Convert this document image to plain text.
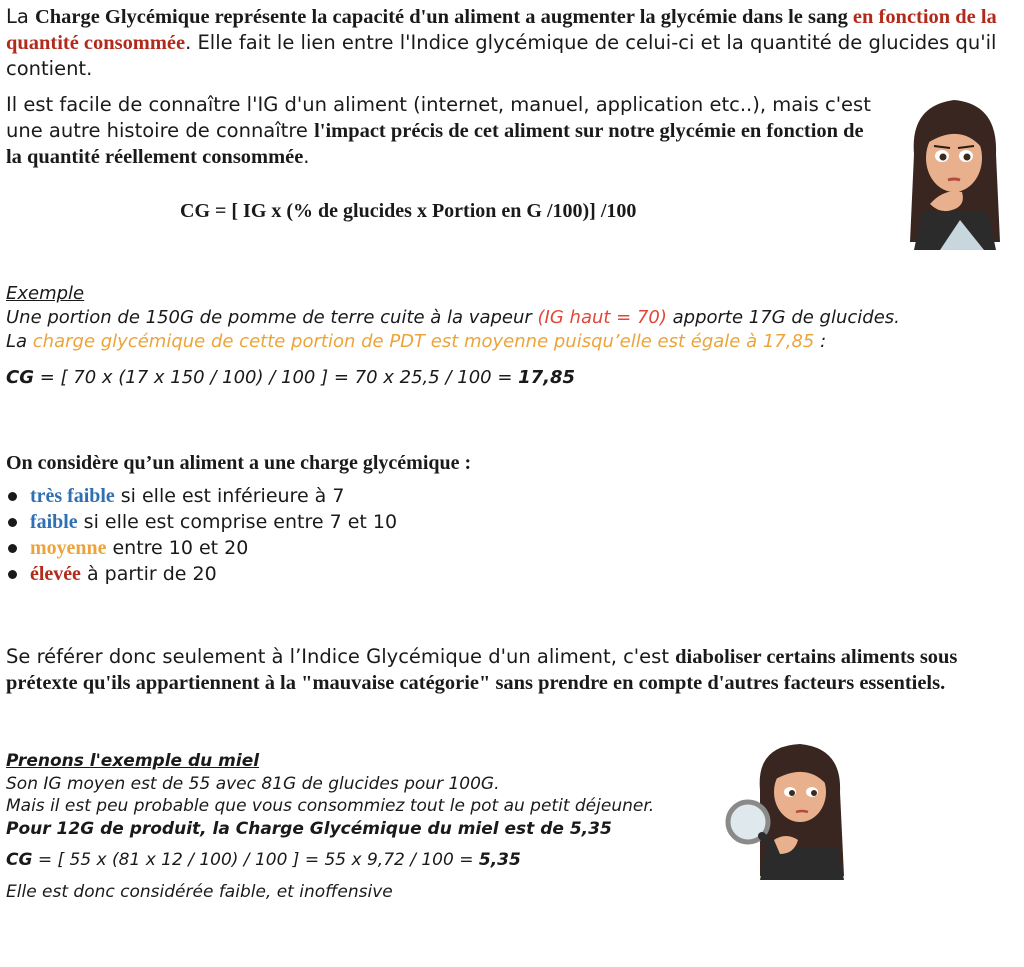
La Charge Glycémique représente la capacité d'un aliment a augmenter la glycémie dans le sang en fonction de la quantité consommée. Elle fait le lien entre l'Indice glycémique de celui-ci et la quantité de glucides qu'il contient.

Il est facile de connaître l'IG d'un aliment (internet, manuel, application etc..), mais c'est une autre histoire de connaître l'impact précis de cet aliment sur notre glycémie en fonction de la quantité réellement consommée.

CG = [ IG x (% de glucides x Portion en G /100)] /100

Exemple

Une portion de 150G de pomme de terre cuite à la vapeur (IG haut = 70) apporte 17G de glucides.

La charge glycémique de cette portion de PDT est moyenne puisqu’elle est égale à 17,85 :

CG = [ 70 x (17 x 150 / 100) / 100 ] = 70 x 25,5 / 100 = 17,85

On considère qu’un aliment a une charge glycémique :

très faible si elle est inférieure à 7
faible si elle est comprise entre 7 et 10
moyenne entre 10 et 20
élevée à partir de 20

Se référer donc seulement à l’Indice Glycémique d'un aliment, c'est diaboliser certains aliments sous prétexte qu'ils appartiennent à la "mauvaise catégorie" sans prendre en compte d'autres facteurs essentiels.

Prenons l'exemple du miel

Son IG moyen est de 55 avec 81G de glucides pour 100G.

Mais il est peu probable que vous consommiez tout le pot au petit déjeuner.

Pour 12G de produit, la Charge Glycémique du miel est de 5,35

CG = [ 55 x (81 x 12 / 100) / 100 ] = 55 x 9,72 / 100 = 5,35

Elle est donc considérée faible, et inoffensive
